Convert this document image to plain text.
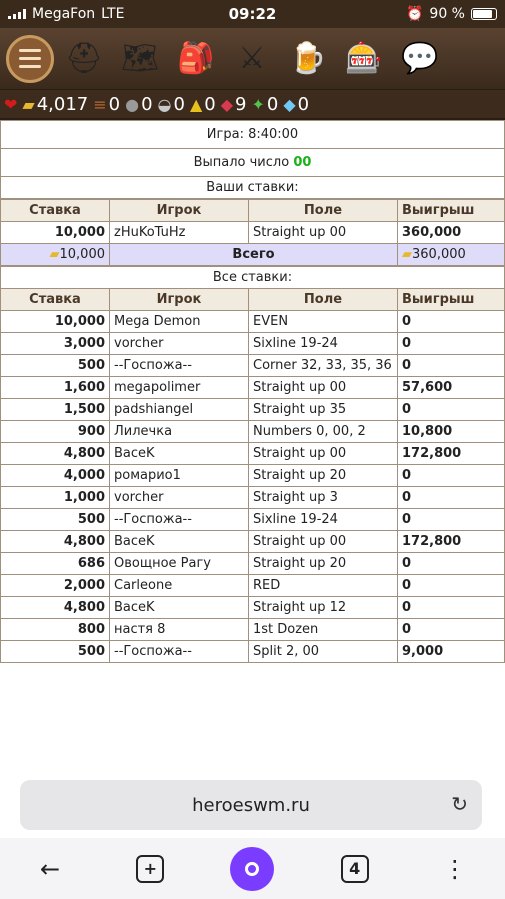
MegaFon LTE	09:22	⏰ 90 %
⛑ 🗺 🎒 ⚔ 🍺 🎰 💬
❤ ▰ 4,017 ≡ 0 ● 0 ◒ 0 ▲ 0 ◆ 9 ✦ 0 ◆ 0
Игра: 8:40:00
Выпало число 00
Ваши ставки:
Ставка	Игрок	Поле	Выигрыш
10,000	zHuKoTuHz	Straight up 00	360,000
▰10,000	Всего		▰360,000
Все ставки:			
Ставка	Игрок	Поле	Выигрыш
10,000	Mega Demon	EVEN	0
3,000	vorcher	Sixline 19-24	0
500	--Госпожа--	Corner 32, 33, 35, 36	0
1,600	megapolimer	Straight up 00	57,600
1,500	padshiangel	Straight up 35	0
900	Лилечка	Numbers 0, 00, 2	10,800
4,800	BaceK	Straight up 00	172,800
4,000	ромарио1	Straight up 20	0
1,000	vorcher	Straight up 3	0
500	--Госпожа--	Sixline 19-24	0
4,800	BaceK	Straight up 00	172,800
686	Овощное Рагу	Straight up 20	0
2,000	Carleone	RED	0
4,800	BaceK	Straight up 12	0
800	настя 8	1st Dozen	0
500	--Госпожа--	Split 2, 00	9,000
heroeswm.ru	↻
←	+	4	⋮
